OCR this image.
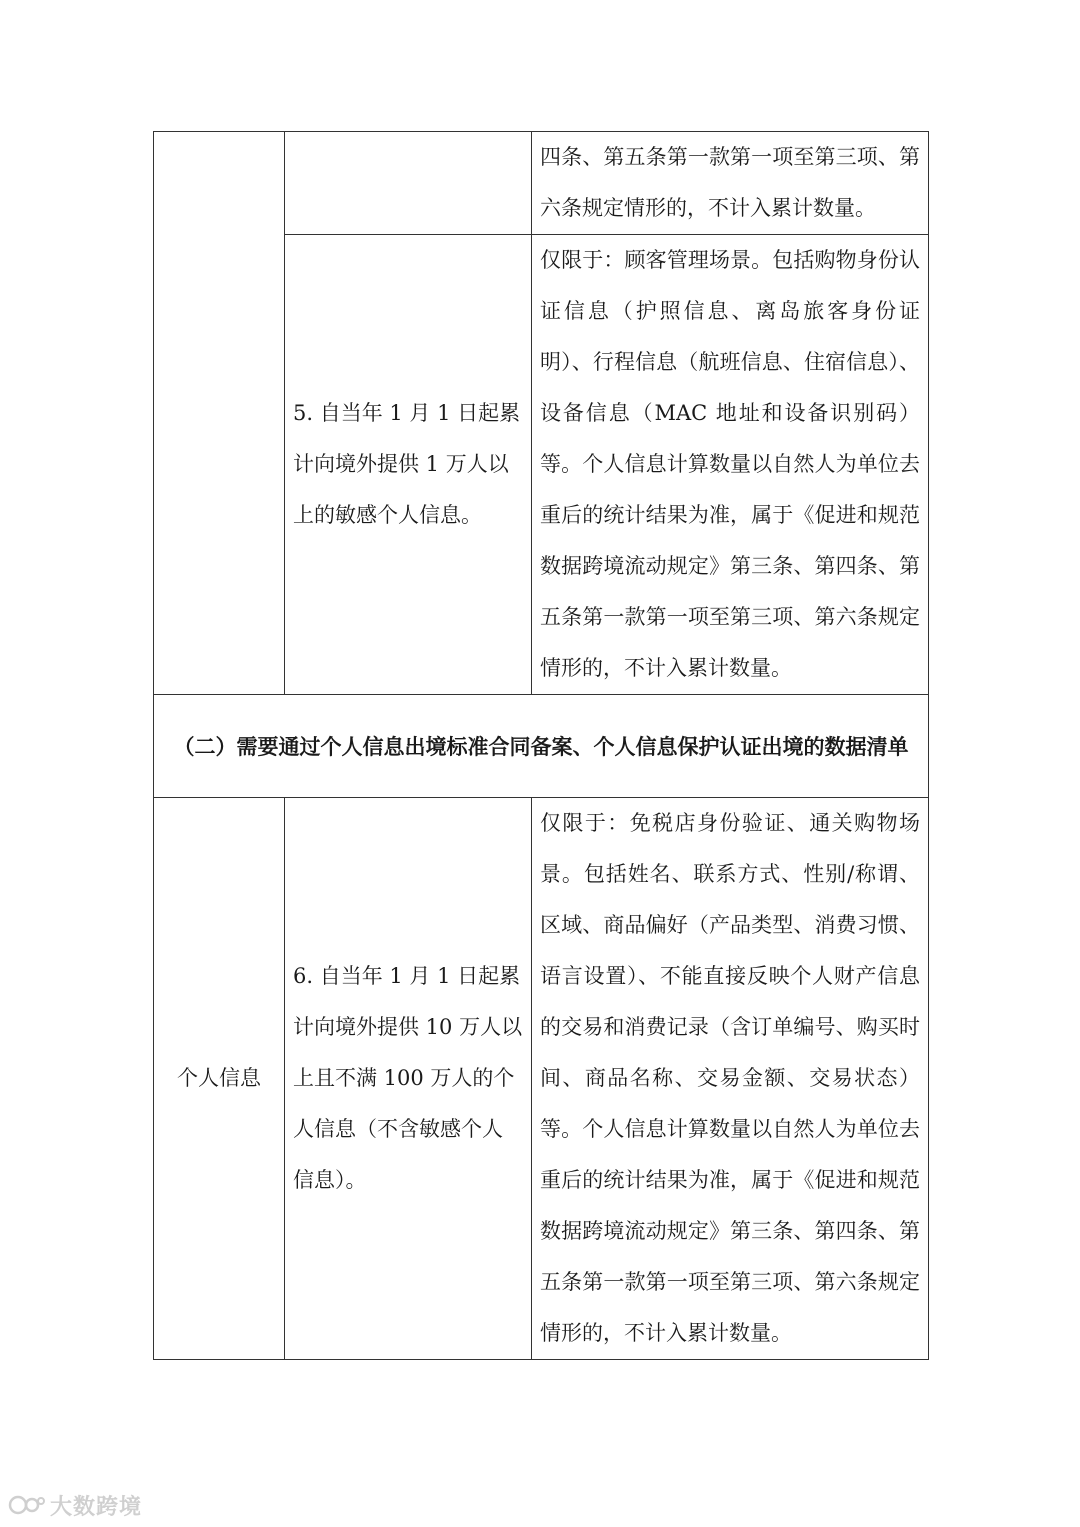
		四条、第五条第一款第一项至第三项、第六条规定情形的，不计入累计数量。
	5. 自当年 1 月 1 日起累计向境外提供 1 万人以上的敏感个人信息。	仅限于：顾客管理场景。包括购物身份认证信息（护照信息、离岛旅客身份证明）、行程信息（航班信息、住宿信息）、设备信息（MAC 地址和设备识别码）等。个人信息计算数量以自然人为单位去重后的统计结果为准，属于《促进和规范数据跨境流动规定》第三条、第四条、第五条第一款第一项至第三项、第六条规定情形的，不计入累计数量。
（二）需要通过个人信息出境标准合同备案、个人信息保护认证出境的数据清单		
个人信息	6. 自当年 1 月 1 日起累计向境外提供 10 万人以上且不满 100 万人的个人信息（不含敏感个人信息）。	仅限于：免税店身份验证、通关购物场景。包括姓名、联系方式、性别/称谓、区域、商品偏好（产品类型、消费习惯、语言设置）、不能直接反映个人财产信息的交易和消费记录（含订单编号、购买时间、商品名称、交易金额、交易状态）等。个人信息计算数量以自然人为单位去重后的统计结果为准，属于《促进和规范数据跨境流动规定》第三条、第四条、第五条第一款第一项至第三项、第六条规定情形的，不计入累计数量。
大数跨境
